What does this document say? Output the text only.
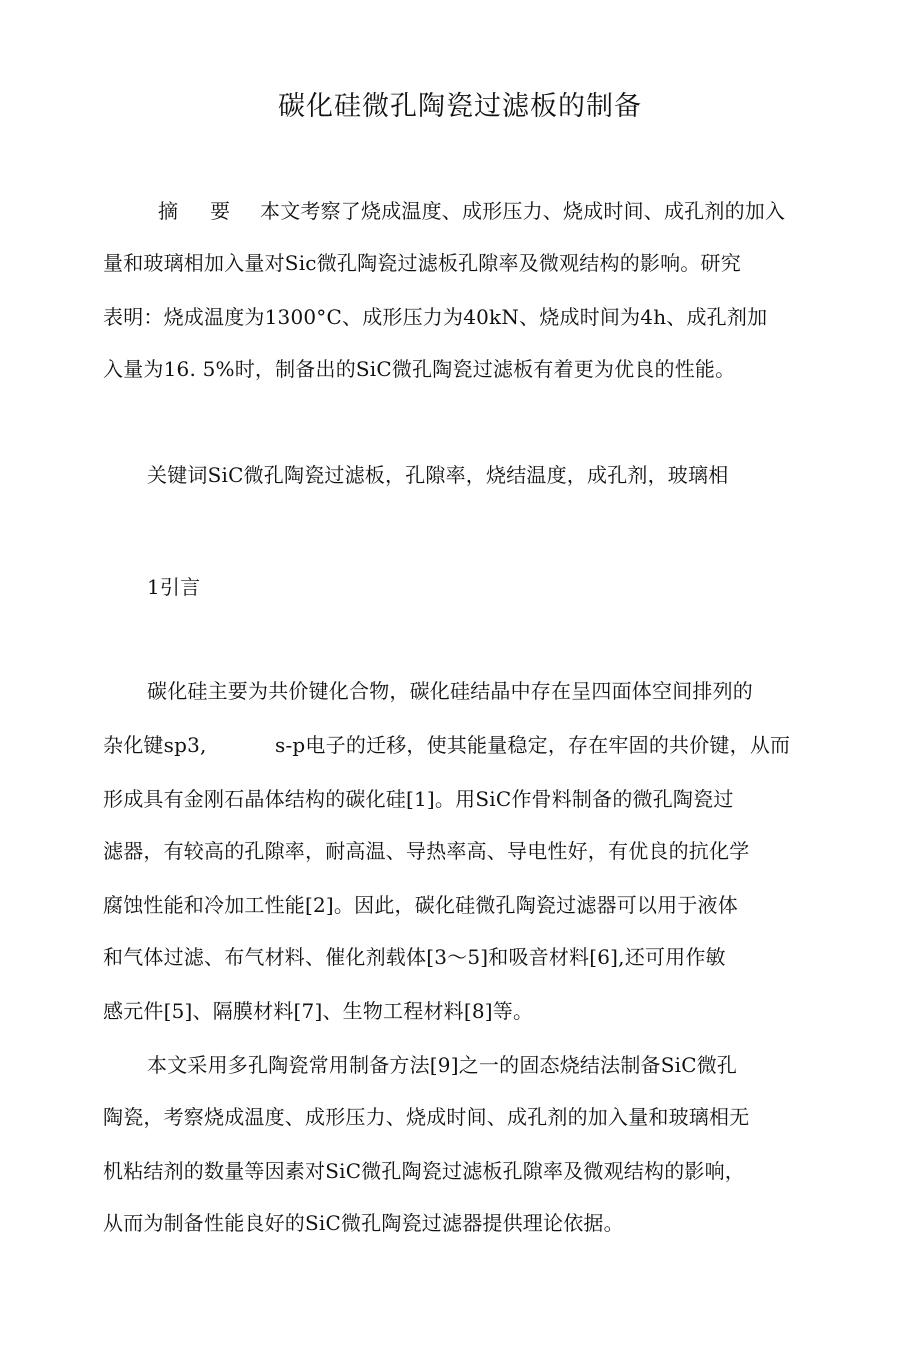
碳化硅微孔陶瓷过滤板的制备
摘 要 本文考察了烧成温度、成形压力、烧成时间、成孔剂的加入
量和玻璃相加入量对Sic微孔陶瓷过滤板孔隙率及微观结构的影响。研究
表明：烧成温度为1300°C、成形压力为40kN、烧成时间为4h、成孔剂加
入量为16. 5%时，制备出的SiC微孔陶瓷过滤板有着更为优良的性能。
关键词SiC微孔陶瓷过滤板，孔隙率，烧结温度，成孔剂，玻璃相
1引言
碳化硅主要为共价键化合物，碳化硅结晶中存在呈四面体空间排列的
杂化键sp3,	s-p电子的迁移，使其能量稳定，存在牢固的共价键，从而
形成具有金刚石晶体结构的碳化硅[1]。用SiC作骨料制备的微孔陶瓷过
滤器，有较高的孔隙率，耐高温、导热率高、导电性好，有优良的抗化学
腐蚀性能和冷加工性能[2]。因此，碳化硅微孔陶瓷过滤器可以用于液体
和气体过滤、布气材料、催化剂载体[3〜5]和吸音材料[6],还可用作敏
感元件[5]、隔膜材料[7]、生物工程材料[8]等。
本文采用多孔陶瓷常用制备方法[9]之一的固态烧结法制备SiC微孔
陶瓷，考察烧成温度、成形压力、烧成时间、成孔剂的加入量和玻璃相无
机粘结剂的数量等因素对SiC微孔陶瓷过滤板孔隙率及微观结构的影响，
从而为制备性能良好的SiC微孔陶瓷过滤器提供理论依据。
